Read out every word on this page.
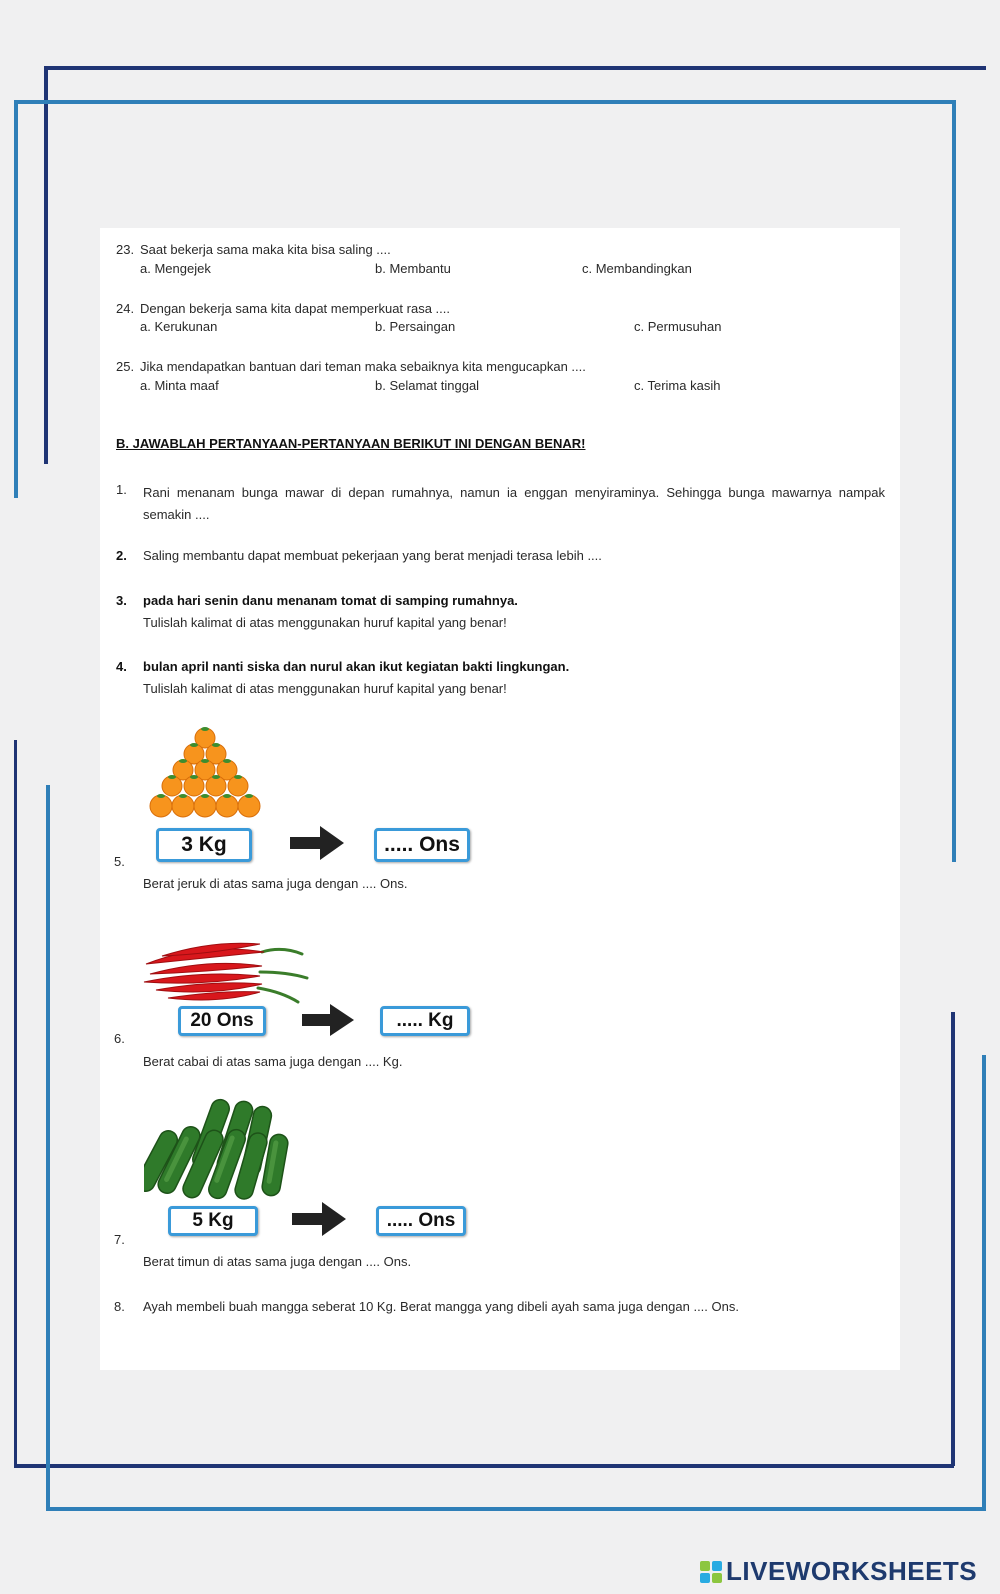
23. Saat bekerja sama maka kita bisa saling ....
a. Mengejek	b. Membantu	c. Membandingkan
24. Dengan bekerja sama kita dapat memperkuat rasa ....
a. Kerukunan	b. Persaingan	c. Permusuhan
25. Jika mendapatkan bantuan dari teman maka sebaiknya kita mengucapkan ....
a. Minta maaf	b. Selamat tinggal	c. Terima kasih
B. JAWABLAH PERTANYAAN-PERTANYAAN BERIKUT INI DENGAN BENAR!
1. Rani menanam bunga mawar di depan rumahnya, namun ia enggan menyiraminya. Sehingga bunga mawarnya nampak semakin ....
2. Saling membantu dapat membuat pekerjaan yang berat menjadi terasa lebih ....
3. pada hari senin danu menanam tomat di samping rumahnya.
Tulislah kalimat di atas menggunakan huruf kapital yang benar!
4. bulan april nanti siska dan nurul akan ikut kegiatan bakti lingkungan.
Tulislah kalimat di atas menggunakan huruf kapital yang benar!
3 Kg	..... Ons
5.
Berat jeruk di atas sama juga dengan .... Ons.
20 Ons	..... Kg
6.
Berat cabai di atas sama juga dengan .... Kg.
5 Kg	..... Ons
7.
Berat timun di atas sama juga dengan .... Ons.
8. Ayah membeli buah mangga seberat 10 Kg. Berat mangga yang dibeli ayah sama juga dengan .... Ons.
LIVEWORKSHEETS
